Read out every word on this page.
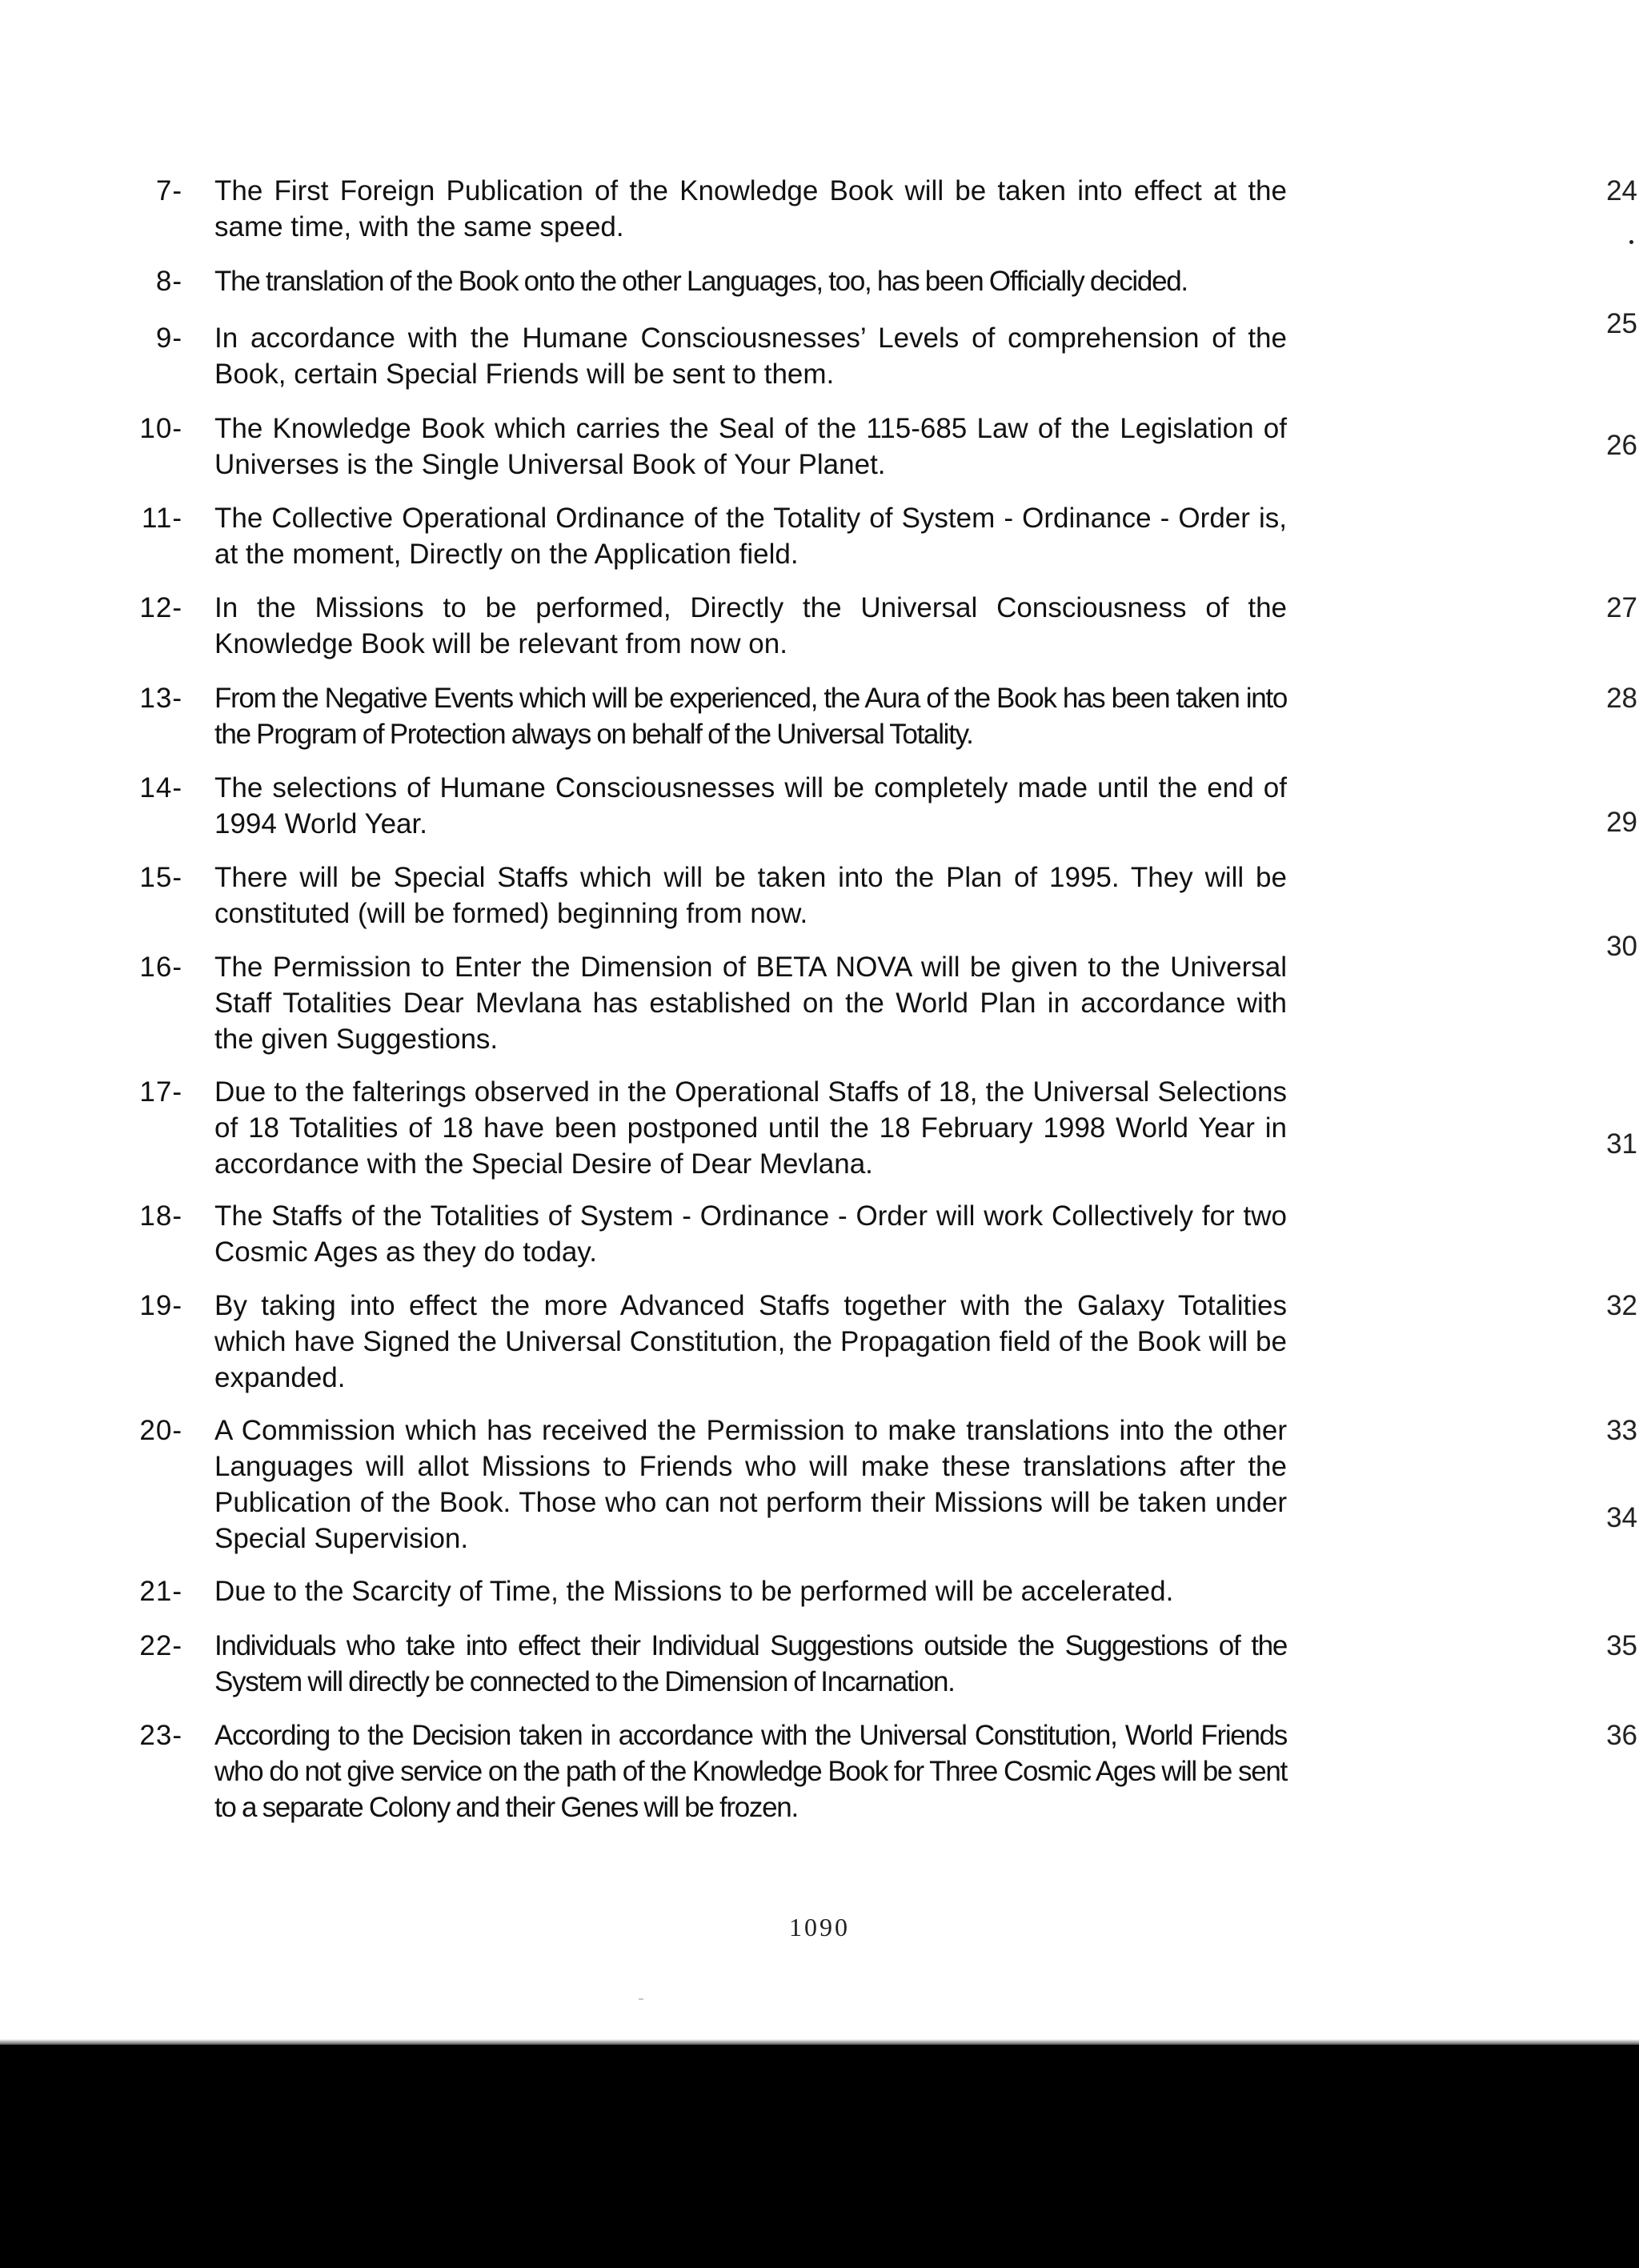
7- The First Foreign Publication of the Knowledge Book will be taken into effect at the same time, with the same speed.
8- The translation of the Book onto the other Languages, too, has been Officially decided.
9- In accordance with the Humane Consciousnesses’ Levels of comprehension of the Book, certain Special Friends will be sent to them.
10- The Knowledge Book which carries the Seal of the 115-685 Law of the Legislation of Universes is the Single Universal Book of Your Planet.
11- The Collective Operational Ordinance of the Totality of System - Ordinance - Order is, at the moment, Directly on the Application field.
12- In the Missions to be performed, Directly the Universal Consciousness of the Knowledge Book will be relevant from now on.
13- From the Negative Events which will be experienced, the Aura of the Book has been taken into the Program of Protection always on behalf of the Universal Totality.
14- The selections of Humane Consciousnesses will be completely made until the end of 1994 World Year.
15- There will be Special Staffs which will be taken into the Plan of 1995. They will be constituted (will be formed) beginning from now.
16- The Permission to Enter the Dimension of BETA NOVA will be given to the Universal Staff Totalities Dear Mevlana has established on the World Plan in accordance with the given Suggestions.
17- Due to the falterings observed in the Operational Staffs of 18, the Universal Selections of 18 Totalities of 18 have been postponed until the 18 February 1998 World Year in accordance with the Special Desire of Dear Mevlana.
18- The Staffs of the Totalities of System - Ordinance - Order will work Collectively for two Cosmic Ages as they do today.
19- By taking into effect the more Advanced Staffs together with the Galaxy Totalities which have Signed the Universal Constitution, the Propagation field of the Book will be expanded.
20- A Commission which has received the Permission to make translations into the other Languages will allot Missions to Friends who will make these translations after the Publication of the Book. Those who can not perform their Missions will be taken under Special Supervision.
21- Due to the Scarcity of Time, the Missions to be performed will be accelerated.
22- Individuals who take into effect their Individual Suggestions outside the Suggestions of the System will directly be connected to the Dimension of Incarnation.
23- According to the Decision taken in accordance with the Universal Constitution, World Friends who do not give service on the path of the Knowledge Book for Three Cosmic Ages will be sent to a separate Colony and their Genes will be frozen.
24
25
26
27
28
29
30
31
32
33
34
35
36
1090
